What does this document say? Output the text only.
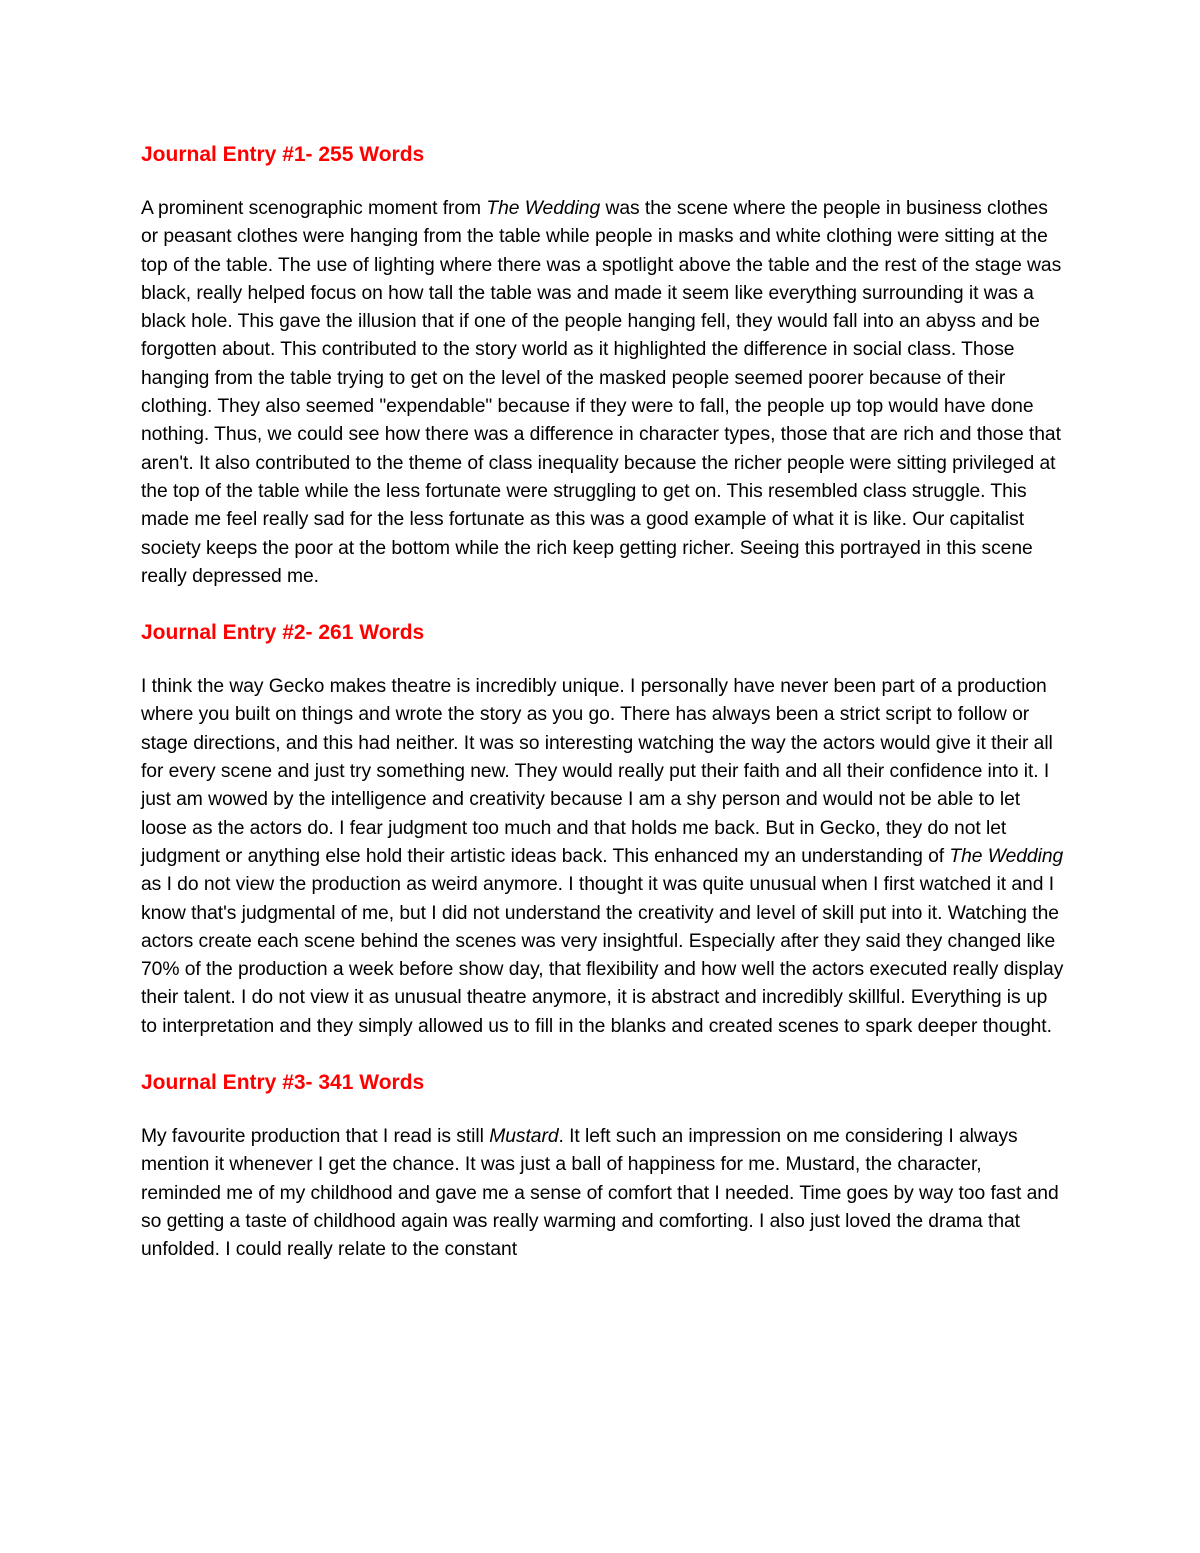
Journal Entry #1- 255 Words

A prominent scenographic moment from The Wedding was the scene where the people in business clothes or peasant clothes were hanging from the table while people in masks and white clothing were sitting at the top of the table. The use of lighting where there was a spotlight above the table and the rest of the stage was black, really helped focus on how tall the table was and made it seem like everything surrounding it was a black hole. This gave the illusion that if one of the people hanging fell, they would fall into an abyss and be forgotten about. This contributed to the story world as it highlighted the difference in social class. Those hanging from the table trying to get on the level of the masked people seemed poorer because of their clothing. They also seemed "expendable" because if they were to fall, the people up top would have done nothing. Thus, we could see how there was a difference in character types, those that are rich and those that aren't. It also contributed to the theme of class inequality because the richer people were sitting privileged at the top of the table while the less fortunate were struggling to get on. This resembled class struggle. This made me feel really sad for the less fortunate as this was a good example of what it is like. Our capitalist society keeps the poor at the bottom while the rich keep getting richer. Seeing this portrayed in this scene really depressed me.

Journal Entry #2- 261 Words

I think the way Gecko makes theatre is incredibly unique. I personally have never been part of a production where you built on things and wrote the story as you go. There has always been a strict script to follow or stage directions, and this had neither. It was so interesting watching the way the actors would give it their all for every scene and just try something new. They would really put their faith and all their confidence into it. I just am wowed by the intelligence and creativity because I am a shy person and would not be able to let loose as the actors do. I fear judgment too much and that holds me back. But in Gecko, they do not let judgment or anything else hold their artistic ideas back. This enhanced my an understanding of The Wedding as I do not view the production as weird anymore. I thought it was quite unusual when I first watched it and I know that's judgmental of me, but I did not understand the creativity and level of skill put into it. Watching the actors create each scene behind the scenes was very insightful. Especially after they said they changed like 70% of the production a week before show day, that flexibility and how well the actors executed really display their talent. I do not view it as unusual theatre anymore, it is abstract and incredibly skillful. Everything is up to interpretation and they simply allowed us to fill in the blanks and created scenes to spark deeper thought.

Journal Entry #3- 341 Words

My favourite production that I read is still Mustard. It left such an impression on me considering I always mention it whenever I get the chance. It was just a ball of happiness for me. Mustard, the character, reminded me of my childhood and gave me a sense of comfort that I needed. Time goes by way too fast and so getting a taste of childhood again was really warming and comforting. I also just loved the drama that unfolded. I could really relate to the constant
